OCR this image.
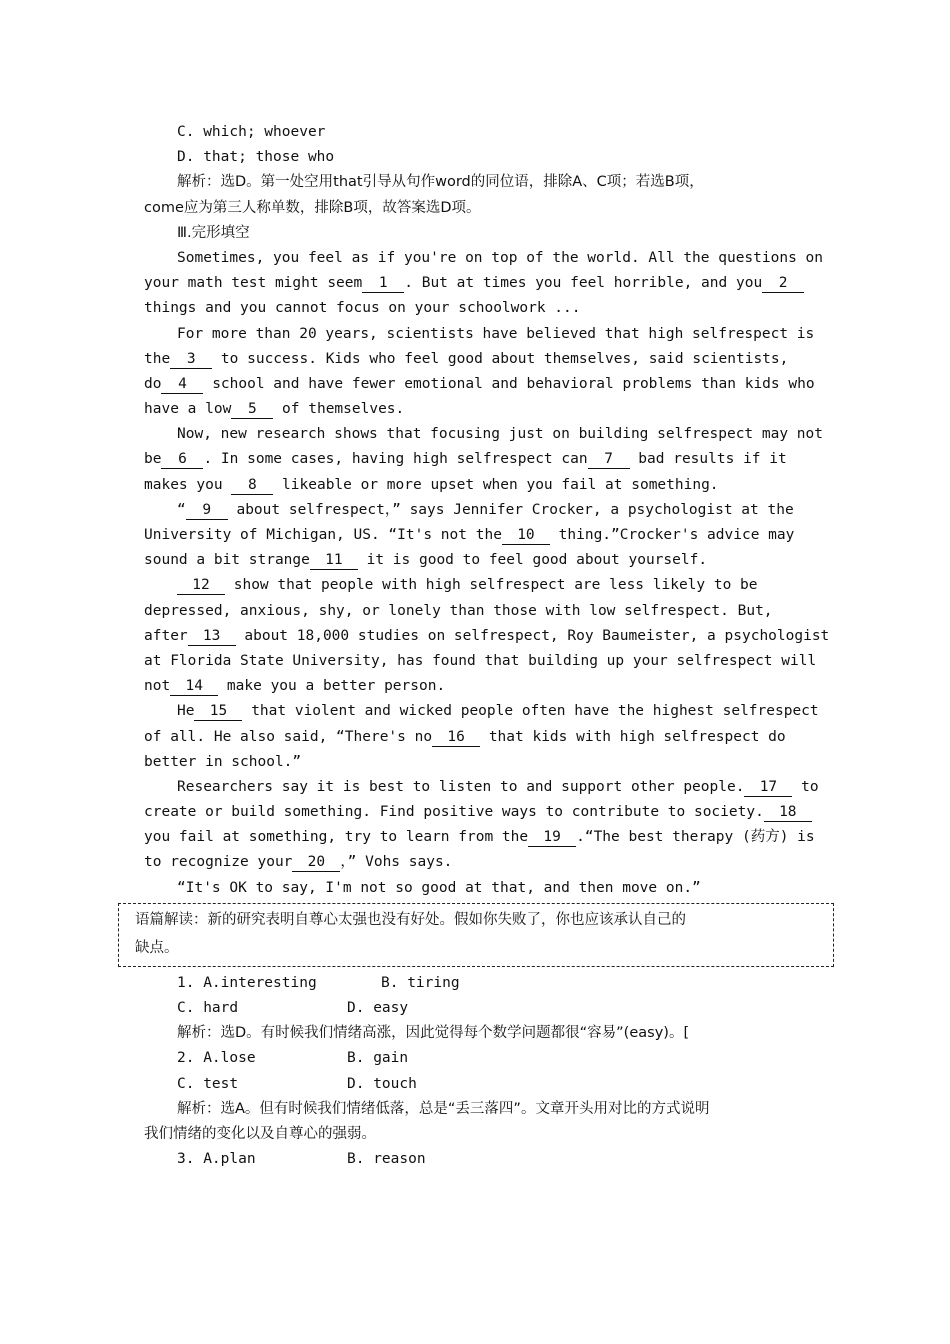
C. which; whoever
D. that; those who
解析：选D。第一处空用that引导从句作word的同位语，排除A、C项；若选B项，
come应为第三人称单数，排除B项，故答案选D项。
Ⅲ.完形填空
Sometimes, you feel as if you're on top of the world. All the questions on
your math test might seem 1 . But at times you feel horrible, and you 2
things and you cannot focus on your schoolwork ...
For more than 20 years, scientists have believed that high selfrespect is
the 3 to success. Kids who feel good about themselves, said scientists,
do 4 school and have fewer emotional and behavioral problems than kids who
have a low 5 of themselves.
Now, new research shows that focusing just on building selfrespect may not
be 6 . In some cases, having high selfrespect can 7 bad results if it
makes you 8 likeable or more upset when you fail at something.
“ 9 about selfrespect，” says Jennifer Crocker, a psychologist at the
University of Michigan, US. “It's not the 10 thing.”Crocker's advice may
sound a bit strange 11 it is good to feel good about yourself.
12 show that people with high selfrespect are less likely to be
depressed, anxious, shy, or lonely than those with low selfrespect. But,
after 13 about 18,000 studies on selfrespect, Roy Baumeister, a psychologist
at Florida State University, has found that building up your selfrespect will
not 14 make you a better person.
He 15 that violent and wicked people often have the highest selfrespect
of all. He also said, “There's no 16 that kids with high selfrespect do
better in school.”
Researchers say it is best to listen to and support other people. 17 to
create or build something. Find positive ways to contribute to society. 18
you fail at something, try to learn from the 19 .“The best therapy (药方) is
to recognize your 20 ，” Vohs says.
“It's OK to say, I'm not so good at that, and then move on.”
语篇解读：新的研究表明自尊心太强也没有好处。假如你失败了，你也应该承认自己的
缺点。
1. A.interesting	B. tiring
C. hard	D. easy
解析：选D。有时候我们情绪高涨，因此觉得每个数学问题都很“容易”(easy)。[
2. A.lose	B. gain
C. test	D. touch
解析：选A。但有时候我们情绪低落，总是“丢三落四”。文章开头用对比的方式说明
我们情绪的变化以及自尊心的强弱。
3. A.plan	B. reason
